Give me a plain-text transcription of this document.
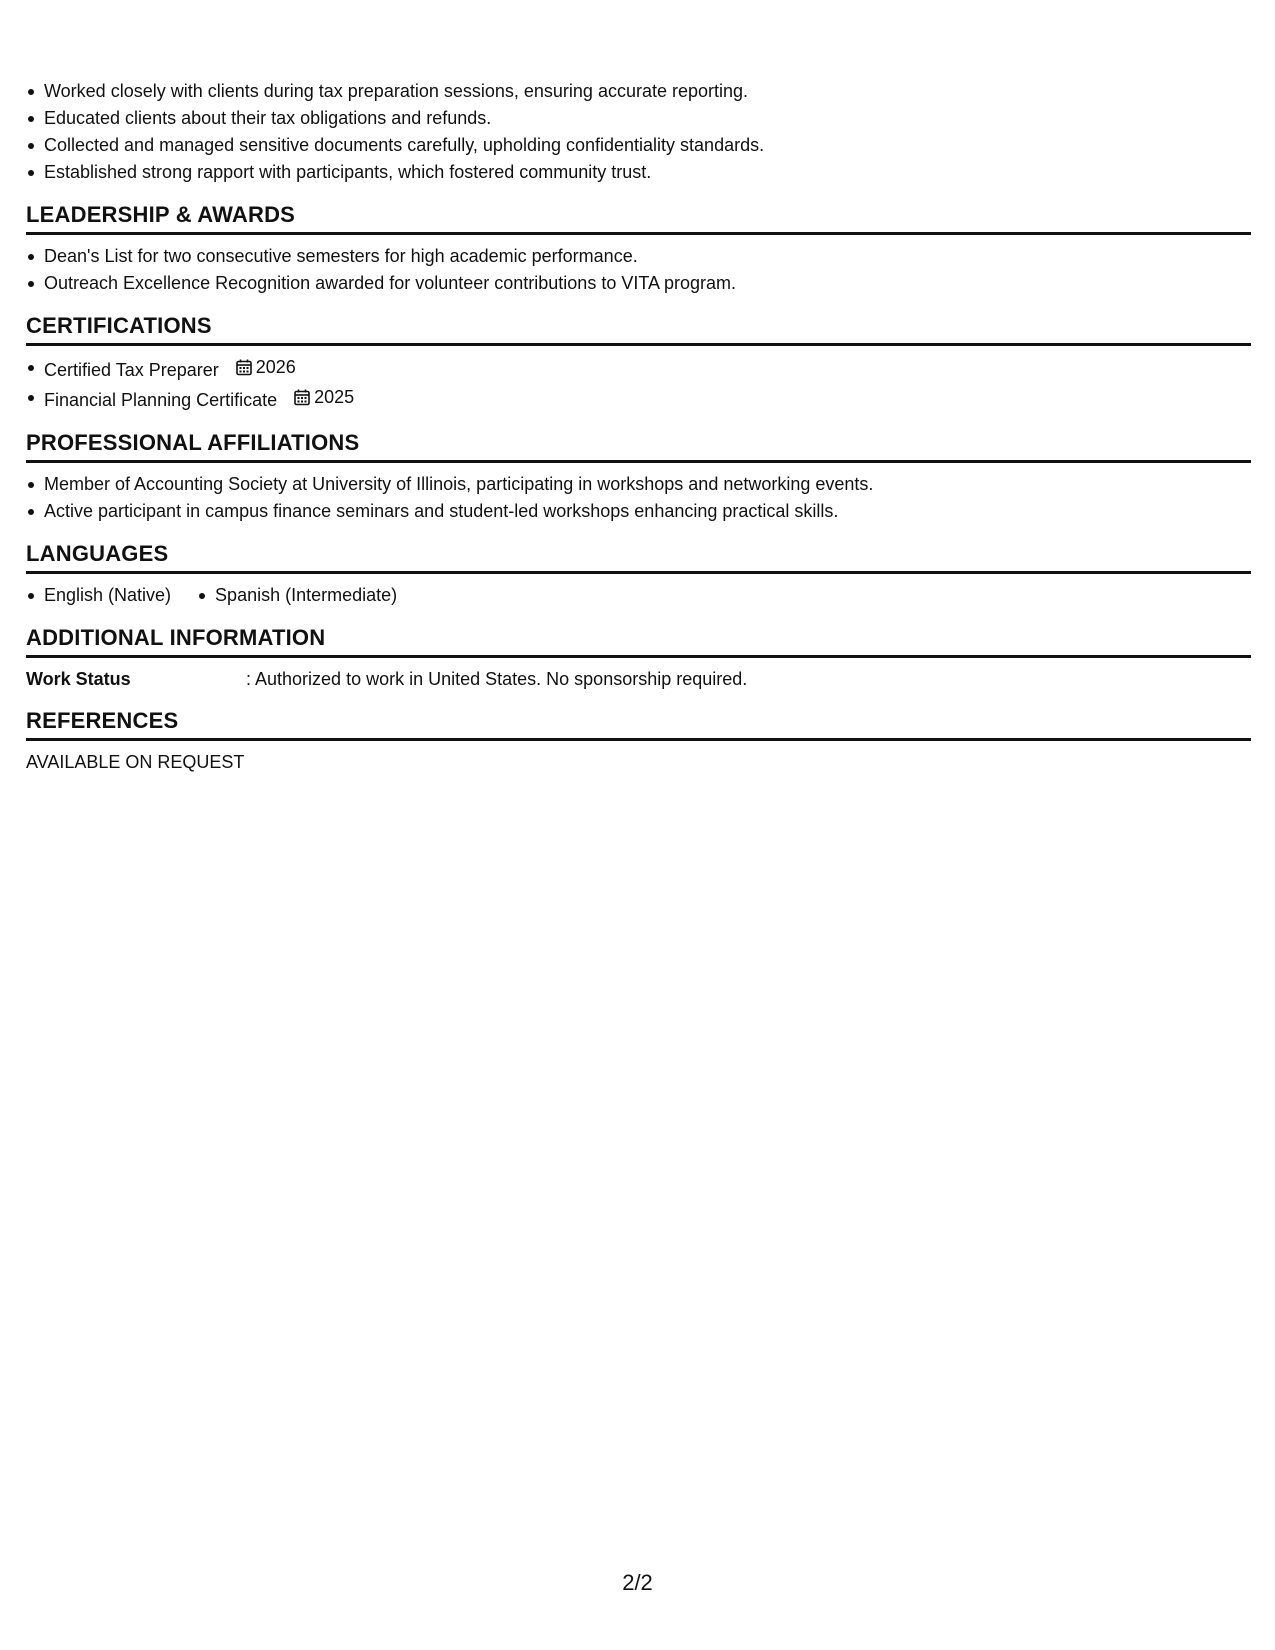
Worked closely with clients during tax preparation sessions, ensuring accurate reporting.
Educated clients about their tax obligations and refunds.
Collected and managed sensitive documents carefully, upholding confidentiality standards.
Established strong rapport with participants, which fostered community trust.
LEADERSHIP & AWARDS
Dean's List for two consecutive semesters for high academic performance.
Outreach Excellence Recognition awarded for volunteer contributions to VITA program.
CERTIFICATIONS
Certified Tax Preparer 2026
Financial Planning Certificate 2025
PROFESSIONAL AFFILIATIONS
Member of Accounting Society at University of Illinois, participating in workshops and networking events.
Active participant in campus finance seminars and student-led workshops enhancing practical skills.
LANGUAGES
English (Native)	Spanish (Intermediate)
ADDITIONAL INFORMATION
Work Status	: Authorized to work in United States. No sponsorship required.
REFERENCES
AVAILABLE ON REQUEST
2/2
